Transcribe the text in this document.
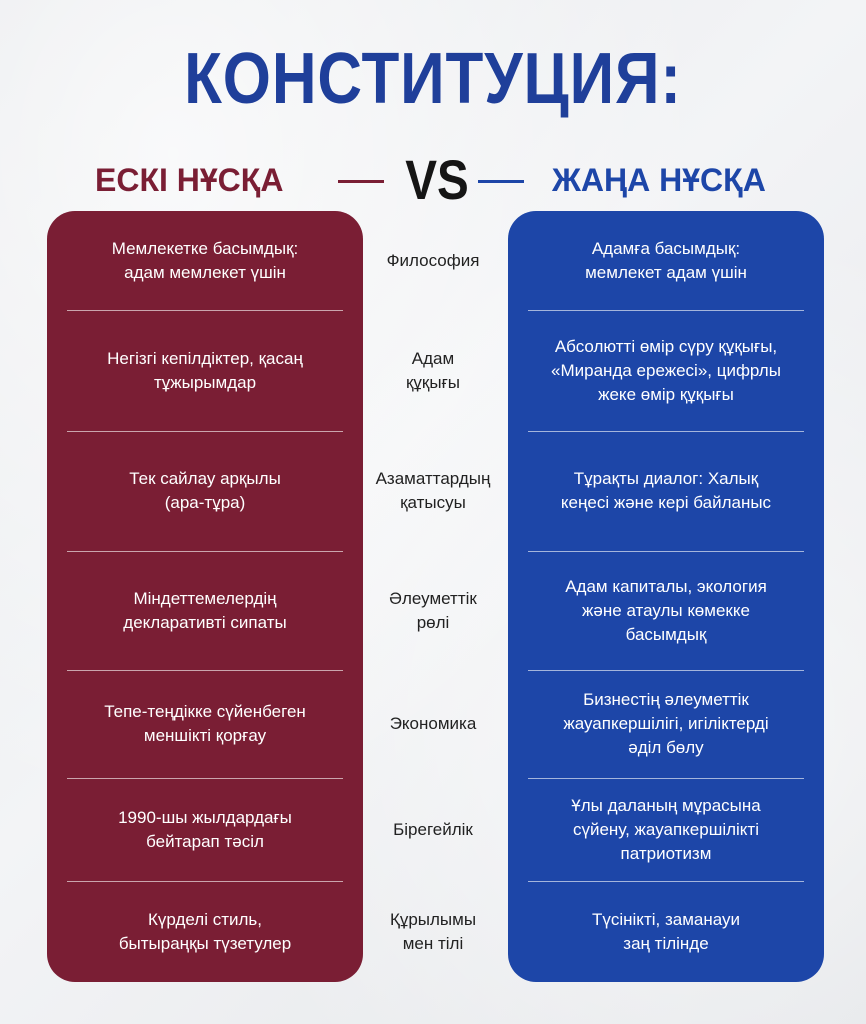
КОНСТИТУЦИЯ:
ЕСКІ НҰСҚА VS	ЖАҢА НҰСҚА
Мемлекетке басымдық:
адам мемлекет үшін
Негізгі кепілдіктер, қасаң
тұжырымдар
Тек сайлау арқылы
(ара-тұра)
Міндеттемелердің
декларативті сипаты
Тепе-теңдікке сүйенбеген
меншікті қорғау
1990-шы жылдардағы
бейтарап тәсіл
Күрделі стиль,
бытыраңқы түзетулер
Адамға басымдық:
мемлекет адам үшін
Абсолютті өмір сүру құқығы,
«Миранда ережесі», цифрлы
жеке өмір құқығы
Тұрақты диалог: Халық
кеңесі және кері байланыс
Адам капиталы, экология
және атаулы көмекке
басымдық
Бизнестің әлеуметтік
жауапкершілігі, игіліктерді
әділ бөлу
Ұлы даланың мұрасына
сүйену, жауапкершілікті
патриотизм
Түсінікті, заманауи
заң тілінде
Философия
Адам
құқығы
Азаматтардың
қатысуы
Әлеуметтік
рөлі
Экономика
Бірегейлік
Құрылымы
мен тілі
